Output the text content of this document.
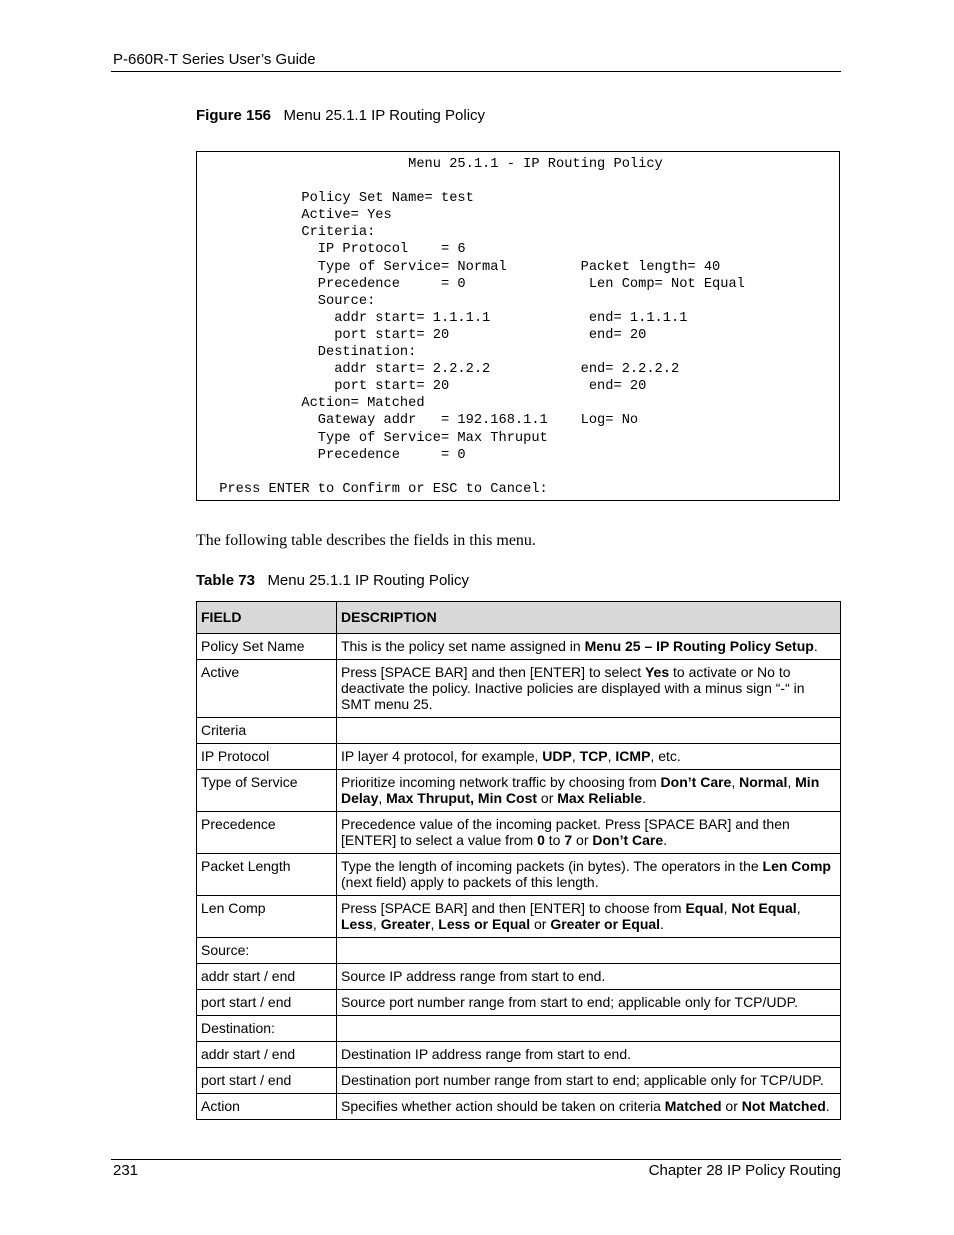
P-660R-T Series User’s Guide
Figure 156 Menu 25.1.1 IP Routing Policy
Menu 25.1.1 - IP Routing Policy

Policy Set Name= test
Active= Yes
Criteria:
IP Protocol    = 6
Type of Service= Normal         Packet length= 40
Precedence     = 0               Len Comp= Not Equal
Source:
addr start= 1.1.1.1            end= 1.1.1.1
port start= 20                 end= 20
Destination:
addr start= 2.2.2.2           end= 2.2.2.2
port start= 20                 end= 20
Action= Matched
Gateway addr   = 192.168.1.1    Log= No
Type of Service= Max Thruput
Precedence     = 0

Press ENTER to Confirm or ESC to Cancel:

The following table describes the fields in this menu.
Table 73 Menu 25.1.1 IP Routing Policy
FIELD	DESCRIPTION
Policy Set Name	This is the policy set name assigned in Menu 25 – IP Routing Policy Setup.
Active	Press [SPACE BAR] and then [ENTER] to select Yes to activate or No to deactivate the policy. Inactive policies are displayed with a minus sign “-“ in SMT menu 25.
Criteria	
IP Protocol	IP layer 4 protocol, for example, UDP, TCP, ICMP, etc.
Type of Service	Prioritize incoming network traffic by choosing from Don’t Care, Normal, Min Delay, Max Thruput, Min Cost or Max Reliable.
Precedence	Precedence value of the incoming packet. Press [SPACE BAR] and then [ENTER] to select a value from 0 to 7 or Don’t Care.
Packet Length	Type the length of incoming packets (in bytes). The operators in the Len Comp (next field) apply to packets of this length.
Len Comp	Press [SPACE BAR] and then [ENTER] to choose from Equal, Not Equal, Less, Greater, Less or Equal or Greater or Equal.
Source:	
addr start / end	Source IP address range from start to end.
port start / end	Source port number range from start to end; applicable only for TCP/UDP.
Destination:	
addr start / end	Destination IP address range from start to end.
port start / end	Destination port number range from start to end; applicable only for TCP/UDP.
Action	Specifies whether action should be taken on criteria Matched or Not Matched.
231	Chapter 28 IP Policy Routing
